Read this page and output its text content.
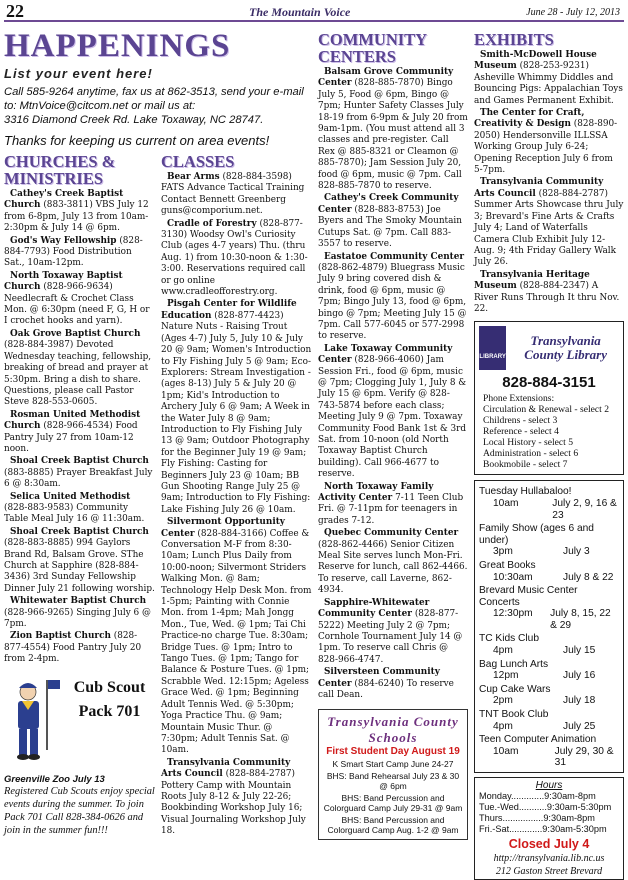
22	The Mountain Voice	June 28 - July 12, 2013
HAPPENINGS
List your event here!
Call 585-9264 anytime, fax us at 862-3513, send your e-mail
to: MtnVoice@citcom.net or mail us at:
3316 Diamond Creek Rd. Lake Toxaway, NC 28747.
Thanks for keeping us current on area events!
CHURCHES & MINISTRIES
Cathey's Creek Baptist Church (883-3811) VBS July 12 from 6-8pm, July 13 from 10am-2:30pm & July 14 @ 6pm.
God's Way Fellowship (828-884-7793) Food Distribution Sat., 10am-12pm.
North Toxaway Baptist Church (828-966-9634) Needlecraft & Crochet Class Mon. @ 6:30pm (need F, G, H or I crochet hooks and yarn).
Oak Grove Baptist Church (828-884-3987) Devoted Wednesday teaching, fellowship, breaking of bread and prayer at 5:30pm. Bring a dish to share. Questions, please call Pastor Steve 828-553-0605.
Rosman United Methodist Church (828-966-4534) Food Pantry July 27 from 10am-12 noon.
Shoal Creek Baptist Church (883-8885) Prayer Breakfast July 6 @ 8:30am.
Selica United Methodist (828-883-9583) Community Table Meal July 16 @ 11:30am.
Shoal Creek Baptist Church (828-883-8885) 994 Gaylors Brand Rd, Balsam Grove. SThe Church at Sapphire (828-884-3436) 3rd Sunday Fellowship Dinner July 21 following worship.
Whitewater Baptist Church (828-966-9265) Singing July 6 @ 7pm.
Zion Baptist Church (828-877-4554) Food Pantry July 20 from 2-4pm.
Cub Scout Pack 701
Greenville Zoo July 13
Registered Cub Scouts enjoy special events during the summer. To join Pack 701 Call 828-384-0626 and join in the summer fun!!!
CLASSES
Bear Arms (828-884-3598) FATS Advance Tactical Training Contact Bennett Greenberg guns@comporium.net.
Cradle of Forestry (828-877-3130) Woodsy Owl's Curiosity Club (ages 4-7 years) Thu. (thru Aug. 1) from 10:30-noon & 1:30-3:00. Reservations required call or go online www.cradleofforestry.org.
Pisgah Center for Wildlife Education (828-877-4423) Nature Nuts - Raising Trout (Ages 4-7) July 5, July 10 & July 20 @ 9am; Women's Introduction to Fly Fishing July 5 @ 9am; Eco-Explorers: Stream Investigation - (ages 8-13) July 5 & July 20 @ 1pm; Kid's Introduction to Archery July 6 @ 9am; A Week in the Water July 8 @ 9am; Introduction to Fly Fishing July 13 @ 9am; Outdoor Photography for the Beginner July 19 @ 9am; Fly Fishing: Casting for Beginners July 23 @ 10am; BB Gun Shooting Range July 25 @ 9am; Introduction to Fly Fishing: Lake Fishing July 26 @ 10am.
Silvermont Opportunity Center (828-884-3166) Coffee & Conversation M-F from 8:30-10am; Lunch Plus Daily from 10:00-noon; Silvermont Striders Walking Mon. @ 8am; Technology Help Desk Mon. from 1-5pm; Painting with Connie Mon. from 1-4pm; Mah Jongg Mon., Tue, Wed. @ 1pm; Tai Chi Practice-no charge Tue. 8:30am; Bridge Tues. @ 1pm; Intro to Tango Tues. @ 1pm; Tango for Balance & Posture Tues. @ 1pm; Scrabble Wed. 12:15pm; Ageless Grace Wed. @ 1pm; Beginning Adult Tennis Wed. @ 5:30pm; Yoga Practice Thu. @ 9am; Mountain Music Thur. @ 7:30pm; Adult Tennis Sat. @ 10am.
Transylvania Community Arts Council (828-884-2787) Pottery Camp with Mountain Roots July 8-12 & July 22-26; Bookbinding Workshop July 16; Visual Journaling Workshop July 18.
COMMUNITY CENTERS
Balsam Grove Community Center (828-885-7870) Bingo July 5, Food @ 6pm, Bingo @ 7pm; Hunter Safety Classes July 18-19 from 6-9pm & July 20 from 9am-1pm. (You must attend all 3 classes and pre-register. Call Rex @ 885-8321 or Cleamon @ 885-7870); Jam Session July 20, food @ 6pm, music @ 7pm. Call 828-885-7870 to reserve.
Cathey's Creek Community Center (828-883-8753) Joe Byers and The Smoky Mountain Cutups Sat. @ 7pm. Call 883-3557 to reserve.
Eastatoe Community Center (828-862-4879) Bluegrass Music July 9 bring covered dish & drink, food @ 6pm, music @ 7pm; Bingo July 13, food @ 6pm, bingo @ 7pm; Meeting July 15 @ 7pm. Call 577-6045 or 577-2998 to reserve.
Lake Toxaway Community Center (828-966-4060) Jam Session Fri., food @ 6pm, music @ 7pm; Clogging July 1, July 8 & July 15 @ 6pm. Verify @ 828-743-5874 before each class; Meeting July 9 @ 7pm. Toxaway Community Food Bank 1st & 3rd Sat. from 10-noon (old North Toxaway Baptist Church building). Call 966-4677 to reserve.
North Toxaway Family Activity Center 7-11 Teen Club Fri. @ 7-11pm for teenagers in grades 7-12.
Quebec Community Center (828-862-4466) Senior Citizen Meal Site serves lunch Mon-Fri. Reserve for lunch, call 862-4466. To reserve, call Laverne, 862-4934.
Sapphire-Whitewater Community Center (828-877-5222) Meeting July 2 @ 7pm; Cornhole Tournament July 14 @ 1pm. To reserve call Chris @ 828-966-4747.
Silversteen Community Center (884-6240) To reserve call Dean.
Transylvania County Schools
First Student Day August 19
K Smart Start Camp June 24-27
BHS: Band Rehearsal July 23 & 30 @ 6pm
BHS: Band Percussion and Colorguard Camp July 29-31 @ 9am
BHS: Band Percussion and Colorguard Camp Aug. 1-2 @ 9am
EXHIBITS
Smith-McDowell House Museum (828-253-9231) Asheville Whimmy Diddles and Bouncing Pigs: Appalachian Toys and Games Permanent Exhibit.
The Center for Craft, Creativity & Design (828-890-2050) Hendersonville ILLSSA Working Group July 6-24; Opening Reception July 6 from 5-7pm.
Transylvania Community Arts Council (828-884-2787) Summer Arts Showcase thru July 3; Brevard's Fine Arts & Crafts July 4; Land of Waterfalls Camera Club Exhibit July 12-Aug. 9; 4th Friday Gallery Walk July 26.
Transylvania Heritage Museum (828-884-2347) A River Runs Through It thru Nov. 22.
LIBRARY
Transylvania County Library
828-884-3151
Phone Extensions:
Circulation & Renewal - select 2
Childrens - select 3
Reference - select 4
Local History - select 5
Administration - select 6
Bookmobile - select 7
Tuesday Hullabaloo!
10am	July 2, 9, 16 & 23
Family Show (ages 6 and under)
3pm	July 3
Great Books
10:30am	July 8 & 22
Brevard Music Center Concerts
12:30pm	July 8, 15, 22 & 29
TC Kids Club
4pm	July 15
Bag Lunch Arts
12pm	July 16
Cup Cake Wars
2pm	July 18
TNT Book Club
4pm	July 25
Teen Computer Animation
10am	July 29, 30 & 31
Hours
Monday.............9:30am-8pm
Tue.-Wed...........9:30am-5:30pm
Thurs................9:30am-8pm
Fri.-Sat.............9:30am-5:30pm
Closed July 4
http://transylvania.lib.nc.us
212 Gaston Street Brevard
